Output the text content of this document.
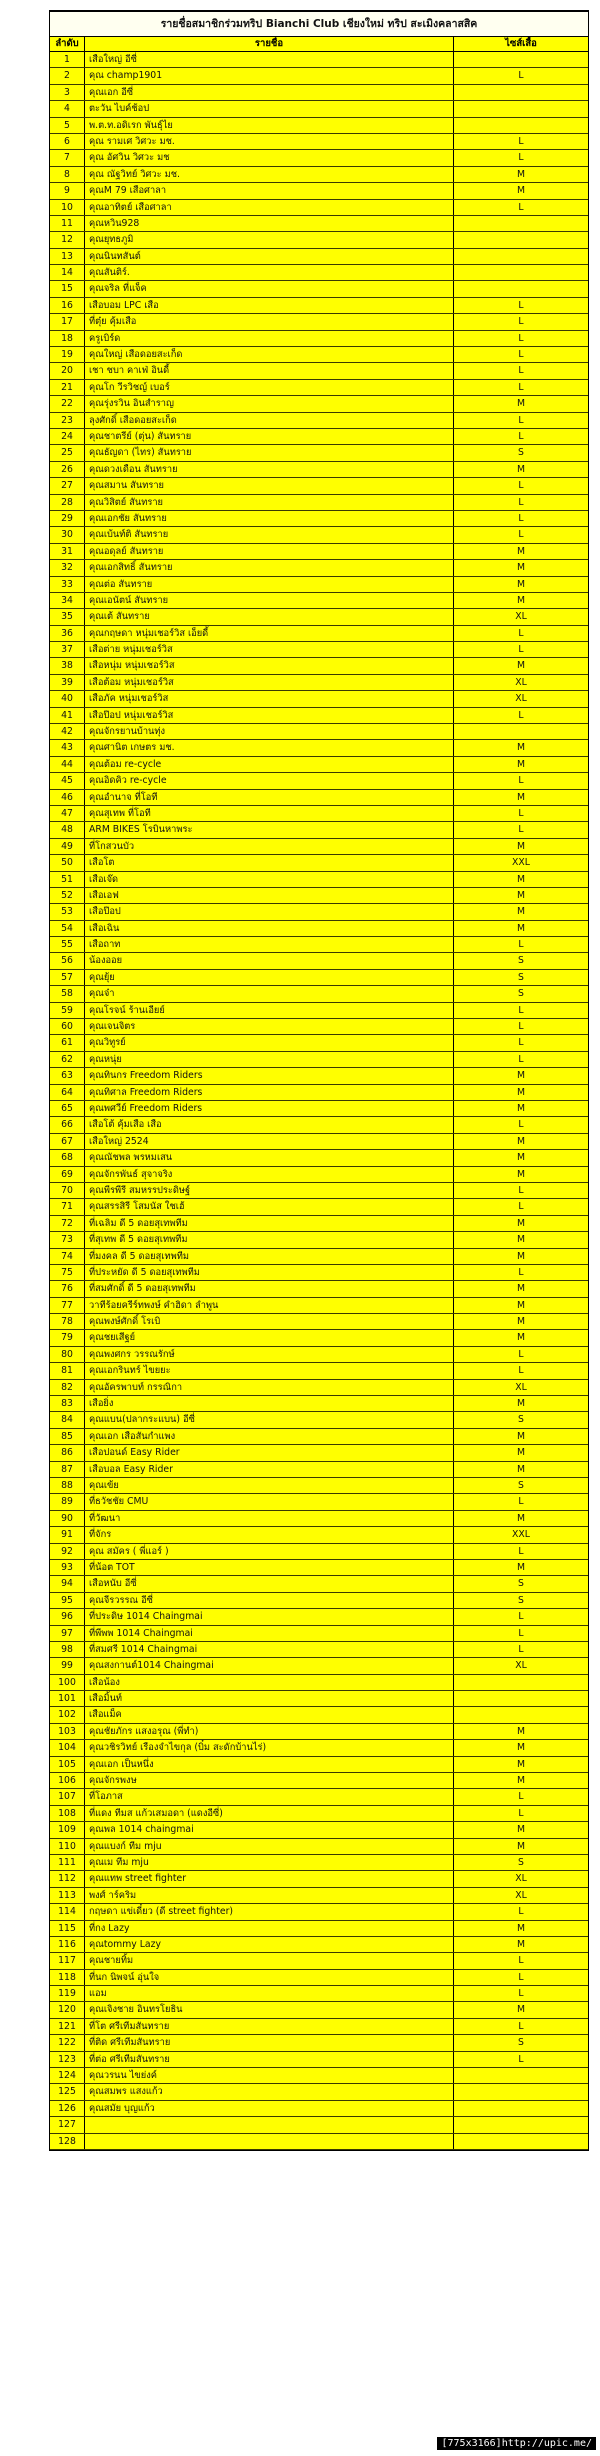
รายชื่อสมาชิกร่วมทริป Bianchi Club เชียงใหม่ ทริป สะเมิงคลาสสิค
ลำดับ	รายชื่อ	ไซส์เสื้อ
1	เสือใหญ่ อีซี่
2	คุณ champ1901	L
3	คุณเอก อีซี่
4	ตะวัน ไบค์ช้อป
5	พ.ต.ท.อดิเรก พันธุ์ไย
6	คุณ รามเศ วิศวะ มช.	L
7	คุณ อัศวิน วิศวะ มช	L
8	คุณ ณัฐวิทย์ วิศวะ มช.	M
9	คุณM 79 เสือศาลา	M
10	คุณอาทิตย์ เสือศาลา	L
11	คุณหวิน928
12	คุณยุทธภูมิ
13	คุณนินทสันต์
14	คุณสันติร์.
15	คุณจริล ที่แจ็ค
16	เสือบอม LPC เสือ	L
17	ที่ตุ๋ย คุ้มเสือ	L
18	ครูเบิร์ด	L
19	คุณใหญ่ เสือดอยสะเก็ด	L
20	เชา ชบา คาเฟ่ อินดี้	L
21	คุณโก วีรวิชญ์ เบอร์	L
22	คุณรุ่งรวิน อินสำราญ	M
23	ลุงศักดิ์ เสือดอยสะเก็ด	L
24	คุณชาตรีย์ (ตุ่น) สันทราย	L
25	คุณธัญดา (ไทร) สันทราย	S
26	คุณดวงเดือน สันทราย	M
27	คุณสมาน สันทราย	L
28	คุณวิสิตย์ สันทราย	L
29	คุณเอกชัย สันทราย	L
30	คุณเบ้นท์ติ สันทราย	L
31	คุณอดุลย์ สันทราย	M
32	คุณเอกสิทธิ์ สันทราย	M
33	คุณต่อ สันทราย	M
34	คุณเอนัตน์ สันทราย	M
35	คุณเต้ สันทราย	XL
36	คุณกฤษดา หนุ่มเชอร์วิส เอ็ยดี้	L
37	เสือต่าย หนุ่มเชอร์วิส	L
38	เสือหนุ่ม หนุ่มเชอร์วิส	M
39	เสือต้อม หนุ่มเชอร์วิส	XL
40	เสือภัค หนุ่มเชอร์วิส	XL
41	เสือป๊อป หนุ่มเชอร์วิส	L
42	คุณจักรยานบ้านทุ่ง
43	คุณศานิต เกษตร มช.	M
44	คุณต้อม re-cycle	M
45	คุณอิดคิว re-cycle	L
46	คุณอำนาจ ที่โอที	M
47	คุณสุเทพ ที่โอที	L
48	ARM BIKES โรบินหาพระ	L
49	ที่โกสวนบัว	M
50	เสือโต	XXL
51	เสือเจ๊ด	M
52	เสือเอฟ	M
53	เสือป๊อป	M
54	เสือเฉิน	M
55	เสือถาท	L
56	น้องออย	S
57	คุณยุ้ย	S
58	คุณจ๋า	S
59	คุณโรจน์ ร้านเอียย์	L
60	คุณเจนจิตร	L
61	คุณวิทูรย์	L
62	คุณหนุ่ย	L
63	คุณทินกร Freedom Riders	M
64	คุณทิศาล Freedom Riders	M
65	คุณพศวีย์ Freedom Riders	M
66	เสือโต้ คุ้มเสือ เสือ	L
67	เสือใหญ่ 2524	M
68	คุณณัชพล พรหมเสน	M
69	คุณจักรพันธ์ สุจาจริง	M
70	คุณพีรพีรี สมหรรประดิษฐ์	L
71	คุณสรรสิรี โสมนัส ใชเฮ้	L
72	ที่เฉลิม ดี 5 ดอยสุเทพทีม	M
73	ที่สุเทพ ดี 5 ดอยสุเทพทีม	M
74	ที่มงคล ดี 5 ดอยสุเทพทีม	M
75	ที่ประหยัด ดี 5 ดอยสุเทพทีม	L
76	ที่สมศักดิ์ ดี 5 ดอยสุเทพทีม	M
77	วาทีร้อยครีร์ทพงษ์ คำฮิดา ลำพูน	M
78	คุณพงษ์ศักดิ์ โรเบิ	M
79	คุณชยเสีฐย์	M
80	คุณพงศกร วรรณรักษ์	L
81	คุณเอกรินทร์ ไขยยะ	L
82	คุณอัครพาบท์ กรรณิกา	XL
83	เสือยิ่ง	M
84	คุณแบน(ปลากระแบน) อีซี่	S
85	คุณเอก เสือสันกำแพง	M
86	เสือปอนด์ Easy Rider	M
87	เสือบอล Easy Rider	M
88	คุณเข้ย	S
89	ที่ธวัชชัย CMU	L
90	ที่วัฒนา	M
91	ที่จักร	XXL
92	คุณ สมัคร ( พี่แอร์ )	L
93	ที่น้อต TOT	M
94	เสือหนับ อีซี่	S
95	คุณจีรวรรณ อีซี่	S
96	ที่ประดิษ 1014 Chaingmai	L
97	ที่พีพพ 1014 Chaingmai	L
98	ที่สมศรี 1014 Chaingmai	L
99	คุณสงกานต์1014 Chaingmai	XL
100	เสือน้อง
101	เสือมิ้นท์
102	เสือแม็ค
103	คุณชัยภักร แสงอรุณ (พี่ทำ)	M
104	คุณวชิรวิทย์ เรืองจำไขกุล (บิ๋ม สะดักบ้านไร่)	M
105	คุณเอก เป็นหนึ่ง	M
106	คุณจักรพงษ	M
107	ที่โอภาส	L
108	ที่แดง ทีมส แก้วเสมอดา (แดงอีซี่)	L
109	คุณพล 1014 chaingmai	M
110	คุณแบงก์ ทีม mju	M
111	คุณเม ทีม mju	S
112	คุณแทพ street fighter	XL
113	พงศ์ าร์คริม	XL
114	กฤษดา แข่เดี๋ยว (ดี street fighter)	L
115	ที่กง Lazy	M
116	คุณtommy Lazy	M
117	คุณชายทิ้ม	L
118	ที่นก นิพจน์ อุ่นใจ	L
119	แอม	L
120	คุณเจิงชาย อินทรโยธิน	M
121	ที่โต ศรีเทีมสันทราย	L
122	ที่ติด ศรีเทีมสันทราย	S
123	ที่ต่อ ศรีเทีมสันทราย	L
124	คุณวรนน ไขย่งค์
125	คุณสมพร แสงแก้ว
126	คุณสมัย บุญแก้ว
127
128
[775x3166]http://upic.me/
